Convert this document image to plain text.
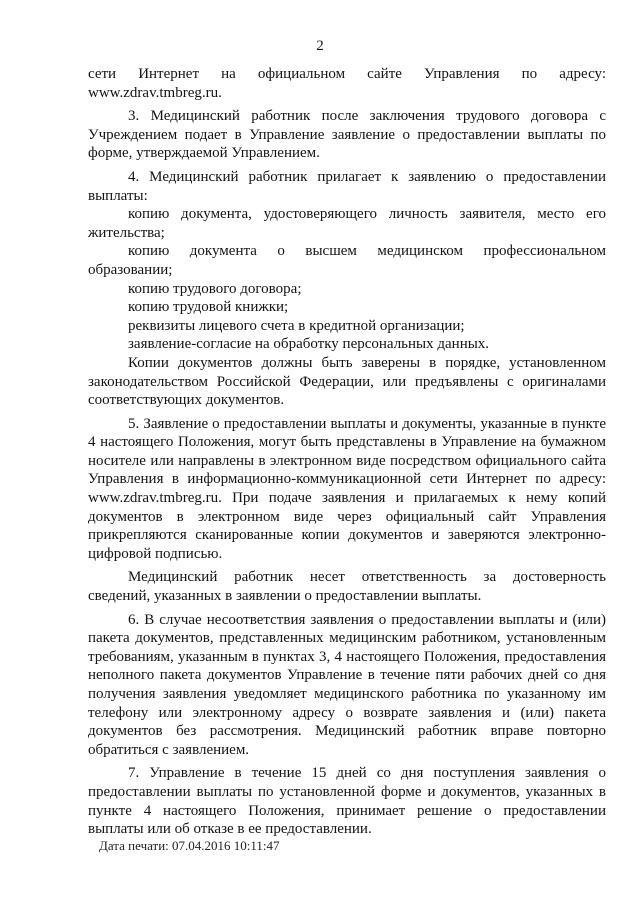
2

сети Интернет на официальном сайте Управления по адресу: www.zdrav.tmbreg.ru.

3. Медицинский работник после заключения трудового договора с Учреждением подает в Управление заявление о предоставлении выплаты по форме, утверждаемой Управлением.

4. Медицинский работник прилагает к заявлению о предоставлении выплаты:

копию документа, удостоверяющего личность заявителя, место его жительства;

копию документа о высшем медицинском профессиональном образовании;

копию трудового договора;

копию трудовой книжки;

реквизиты лицевого счета в кредитной организации;

заявление-согласие на обработку персональных данных.

Копии документов должны быть заверены в порядке, установленном законодательством Российской Федерации, или предъявлены с оригиналами соответствующих документов.

5. Заявление о предоставлении выплаты и документы, указанные в пункте 4 настоящего Положения, могут быть представлены в Управление на бумажном носителе или направлены в электронном виде посредством официального сайта Управления в информационно-коммуникационной сети Интернет по адресу: www.zdrav.tmbreg.ru. При подаче заявления и прилагаемых к нему копий документов в электронном виде через официальный сайт Управления прикрепляются сканированные копии документов и заверяются электронно-цифровой подписью.

Медицинский работник несет ответственность за достоверность сведений, указанных в заявлении о предоставлении выплаты.

6. В случае несоответствия заявления о предоставлении выплаты и (или) пакета документов, представленных медицинским работником, установленным требованиям, указанным в пунктах 3, 4 настоящего Положения, предоставления неполного пакета документов Управление в течение пяти рабочих дней со дня получения заявления уведомляет медицинского работника по указанному им телефону или электронному адресу о возврате заявления и (или) пакета документов без рассмотрения. Медицинский работник вправе повторно обратиться с заявлением.

7. Управление в течение 15 дней со дня поступления заявления о предоставлении выплаты по установленной форме и документов, указанных в пункте 4 настоящего Положения, принимает решение о предоставлении выплаты или об отказе в ее предоставлении.

Дата печати: 07.04.2016 10:11:47
